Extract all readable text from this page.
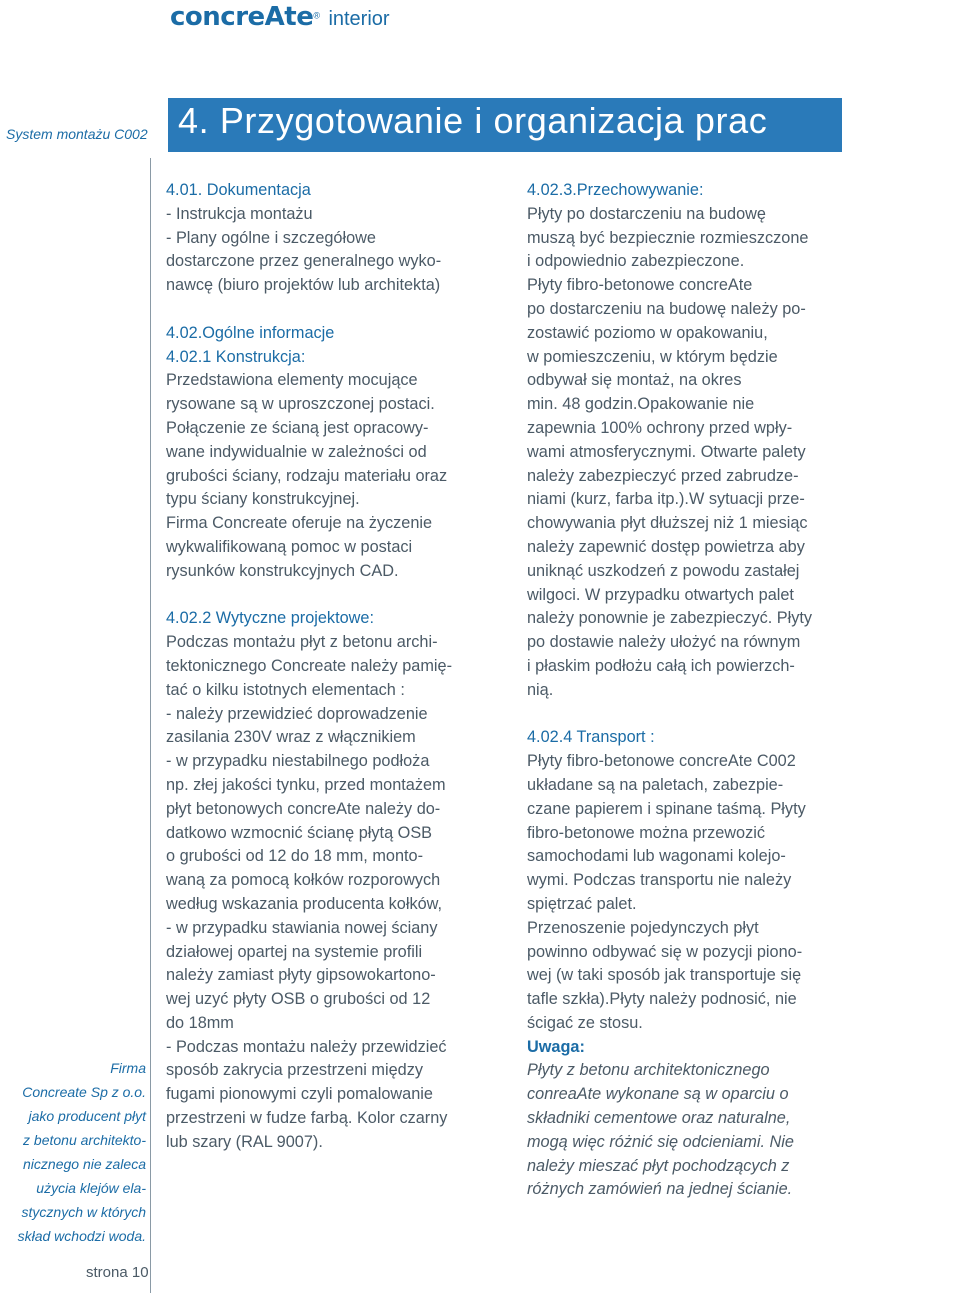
concreAte® interior
System montażu C002 4. Przygotowanie i organizacja prac
Firma
Concreate Sp z o.o.
jako producent płyt
z betonu architekto-
nicznego nie zaleca
użycia klejów ela-
stycznych w których
skład wchodzi woda.
strona 10
4.01. Dokumentacja
- Instrukcja montażu
- Plany ogólne i szczegółowe
dostarczone przez generalnego wyko-
nawcę (biuro projektów lub architekta)
4.02.Ogólne informacje
4.02.1 Konstrukcja:
Przedstawiona elementy mocujące
rysowane są w uproszczonej postaci.
Połączenie ze ścianą jest opracowy-
wane indywidualnie w zależności od
grubości ściany, rodzaju materiału oraz
typu ściany konstrukcyjnej.
Firma Concreate oferuje na życzenie
wykwalifikowaną pomoc w postaci
rysunków konstrukcyjnych CAD.
4.02.2 Wytyczne projektowe:
Podczas montażu płyt z betonu archi-
tektonicznego Concreate należy pamię-
tać o kilku istotnych elementach :
- należy przewidzieć doprowadzenie
zasilania 230V wraz z włącznikiem
- w przypadku niestabilnego podłoża
np. złej jakości tynku, przed montażem
płyt betonowych concreAte należy do-
datkowo wzmocnić ścianę płytą OSB
o grubości od 12 do 18 mm, monto-
waną za pomocą kołków rozporowych
według wskazania producenta kołków,
- w przypadku stawiania nowej ściany
działowej opartej na systemie profili
należy zamiast płyty gipsowokartono-
wej uzyć płyty OSB o grubości od 12
do 18mm
- Podczas montażu należy przewidzieć
sposób zakrycia przestrzeni między
fugami pionowymi czyli pomalowanie
przestrzeni w fudze farbą. Kolor czarny
lub szary (RAL 9007).
4.02.3.Przechowywanie:
Płyty po dostarczeniu na budowę
muszą być bezpiecznie rozmieszczone
i odpowiednio zabezpieczone.
Płyty fibro-betonowe concreAte
po dostarczeniu na budowę należy po-
zostawić poziomo w opakowaniu,
w pomieszczeniu, w którym będzie
odbywał się montaż, na okres
min. 48 godzin.Opakowanie nie
zapewnia 100% ochrony przed wpły-
wami atmosferycznymi. Otwarte palety
należy zabezpieczyć przed zabrudze-
niami (kurz, farba itp.).W sytuacji prze-
chowywania płyt dłuższej niż 1 miesiąc
należy zapewnić dostęp powietrza aby
uniknąć uszkodzeń z powodu zastałej
wilgoci. W przypadku otwartych palet
należy ponownie je zabezpieczyć. Płyty
po dostawie należy ułożyć na równym
i płaskim podłożu całą ich powierzch-
nią.
4.02.4 Transport :
Płyty fibro-betonowe concreAte C002
układane są na paletach, zabezpie-
czane papierem i spinane taśmą. Płyty
fibro-betonowe można przewozić
samochodami lub wagonami kolejo-
wymi. Podczas transportu nie należy
spiętrzać palet.
Przenoszenie pojedynczych płyt
powinno odbywać się w pozycji piono-
wej (w taki sposób jak transportuje się
tafle szkła).Płyty należy podnosić, nie
ścigać ze stosu.
Uwaga:
Płyty z betonu architektonicznego
conreaAte wykonane są w oparciu o
składniki cementowe oraz naturalne,
mogą więc różnić się odcieniami. Nie
należy mieszać płyt pochodzących z
różnych zamówień na jednej ścianie.
